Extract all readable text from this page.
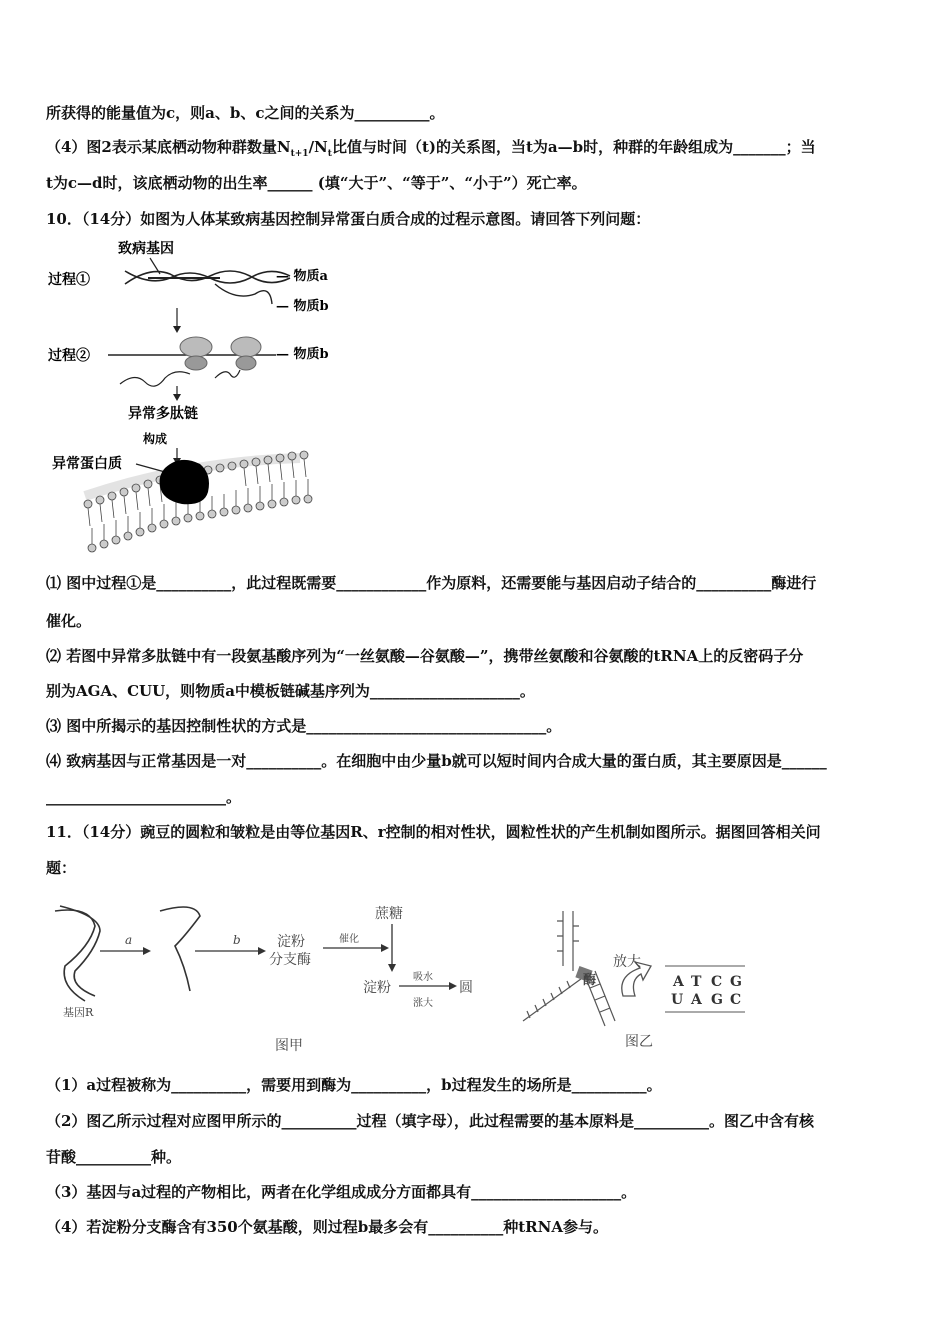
所获得的能量值为c，则a、b、c之间的关系为__________。
（4）图2表示某底栖动物种群数量$N_{t+1}/N_t$比值与时间（t)的关系图，当t为a—b时，种群的年龄组成为_______；当
t为c—d时，该底栖动物的出生率______ (填“大于”、“等于”、“小于”）死亡率。
10．（14分）如图为人体某致病基因控制异常蛋白质合成的过程示意图。请回答下列问题：
致病基因
过程①	— 物质a
— 物质b
过程②	— 物质b
异常多肽链
构成
异常蛋白质
⑴ 图中过程①是__________，此过程既需要____________作为原料，还需要能与基因启动子结合的__________酶进行
催化。
⑵ 若图中异常多肽链中有一段氨基酸序列为“一丝氨酸—谷氨酸—”，携带丝氨酸和谷氨酸的tRNA上的反密码子分
别为AGA、CUU，则物质a中模板链碱基序列为____________________。
⑶ 图中所揭示的基因控制性状的方式是________________________________。
⑷ 致病基因与正常基因是一对__________。在细胞中由少量b就可以短时间内合成大量的蛋白质，其主要原因是______
________________________。
11．（14分）豌豆的圆粒和皱粒是由等位基因R、r控制的相对性状，圆粒性状的产生机制如图所示。据图回答相关问
题：
基因R
a	b	淀粉
分支酶
催化
蔗糖
淀粉
吸水
涨大
圆
图甲
酶
放大
A T C G
U A G C
图乙
（1）a过程被称为__________，需要用到酶为__________，b过程发生的场所是__________。
（2）图乙所示过程对应图甲所示的__________过程（填字母），此过程需要的基本原料是__________。图乙中含有核
苷酸__________种。
（3）基因与a过程的产物相比，两者在化学组成成分方面都具有____________________。
（4）若淀粉分支酶含有350个氨基酸，则过程b最多会有__________种tRNA参与。
